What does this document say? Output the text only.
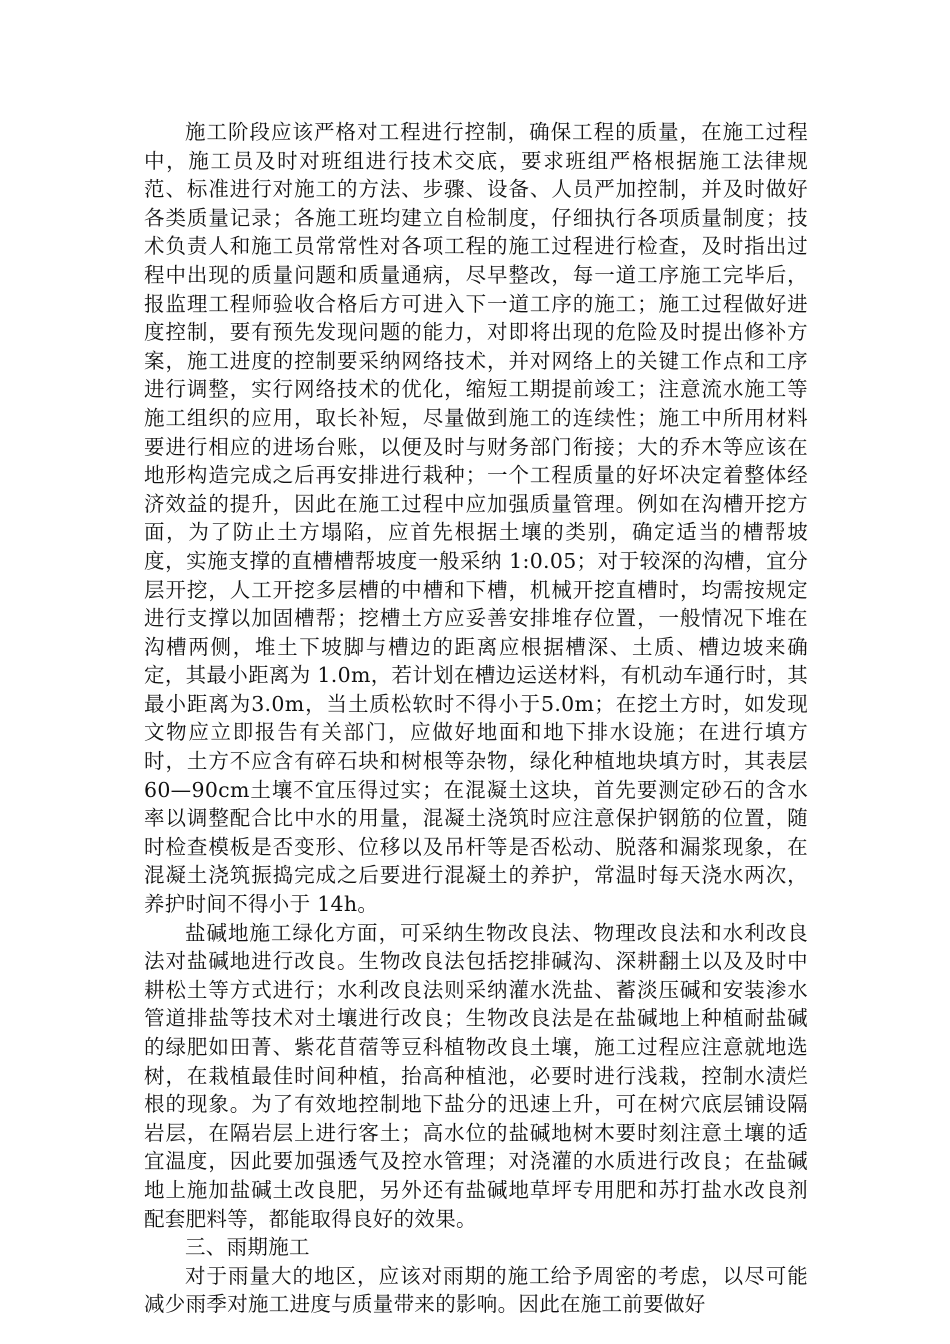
施工阶段应该严格对工程进行控制，确保工程的质量，在施工过程中，施工员及时对班组进行技术交底，要求班组严格根据施工法律规范、标准进行对施工的方法、步骤、设备、人员严加控制，并及时做好各类质量记录；各施工班均建立自检制度，仔细执行各项质量制度；技术负责人和施工员常常性对各项工程的施工过程进行检查，及时指出过程中出现的质量问题和质量通病，尽早整改，每一道工序施工完毕后，报监理工程师验收合格后方可进入下一道工序的施工；施工过程做好进度控制，要有预先发现问题的能力，对即将出现的危险及时提出修补方案，施工进度的控制要采纳网络技术，并对网络上的关键工作点和工序进行调整，实行网络技术的优化，缩短工期提前竣工；注意流水施工等施工组织的应用，取长补短，尽量做到施工的连续性；施工中所用材料要进行相应的进场台账，以便及时与财务部门衔接；大的乔木等应该在地形构造完成之后再安排进行栽种；一个工程质量的好坏决定着整体经济效益的提升，因此在施工过程中应加强质量管理。例如在沟槽开挖方面，为了防止土方塌陷，应首先根据土壤的类别，确定适当的槽帮坡度，实施支撑的直槽槽帮坡度一般采纳 1:0.05；对于较深的沟槽，宜分层开挖，人工开挖多层槽的中槽和下槽，机械开挖直槽时，均需按规定进行支撑以加固槽帮；挖槽土方应妥善安排堆存位置，一般情况下堆在沟槽两侧，堆土下坡脚与槽边的距离应根据槽深、土质、槽边坡来确定，其最小距离为 1.0m，若计划在槽边运送材料，有机动车通行时，其最小距离为3.0m，当土质松软时不得小于5.0m；在挖土方时，如发现文物应立即报告有关部门，应做好地面和地下排水设施；在进行填方时，土方不应含有碎石块和树根等杂物，绿化种植地块填方时，其表层60—90cm土壤不宜压得过实；在混凝土这块，首先要测定砂石的含水率以调整配合比中水的用量，混凝土浇筑时应注意保护钢筋的位置，随时检查模板是否变形、位移以及吊杆等是否松动、脱落和漏浆现象，在混凝土浇筑振捣完成之后要进行混凝土的养护，常温时每天浇水两次，养护时间不得小于 14h。

盐碱地施工绿化方面，可采纳生物改良法、物理改良法和水利改良法对盐碱地进行改良。生物改良法包括挖排碱沟、深耕翻土以及及时中耕松土等方式进行；水利改良法则采纳灌水洗盐、蓄淡压碱和安装渗水管道排盐等技术对土壤进行改良；生物改良法是在盐碱地上种植耐盐碱的绿肥如田菁、紫花苜蓿等豆科植物改良土壤，施工过程应注意就地选树，在栽植最佳时间种植，抬高种植池，必要时进行浅栽，控制水渍烂根的现象。为了有效地控制地下盐分的迅速上升，可在树穴底层铺设隔岩层，在隔岩层上进行客土；高水位的盐碱地树木要时刻注意土壤的适宜温度，因此要加强透气及控水管理；对浇灌的水质进行改良；在盐碱地上施加盐碱土改良肥，另外还有盐碱地草坪专用肥和苏打盐水改良剂配套肥料等，都能取得良好的效果。

三、雨期施工

对于雨量大的地区，应该对雨期的施工给予周密的考虑，以尽可能减少雨季对施工进度与质量带来的影响。因此在施工前要做好
